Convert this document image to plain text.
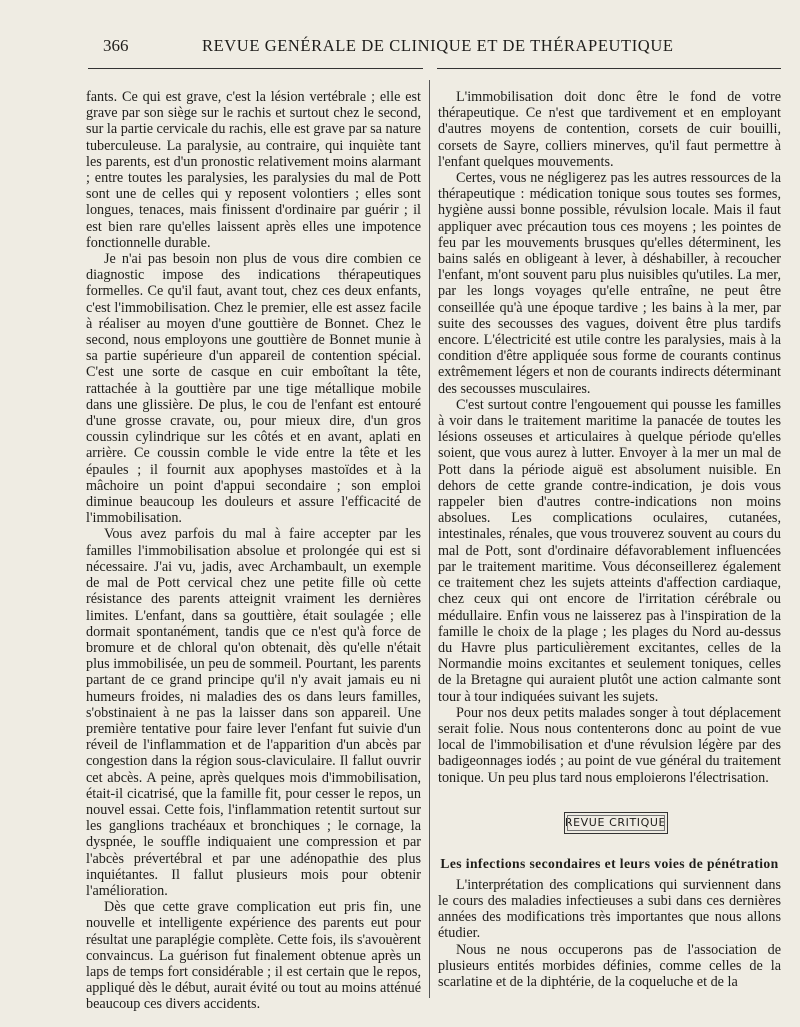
366	REVUE GENÉRALE DE CLINIQUE ET DE THÉRAPEUTIQUE

fants. Ce qui est grave, c'est la lésion vertébrale ; elle est grave par son siège sur le rachis et surtout chez le second, sur la partie cervicale du rachis, elle est grave par sa nature tuberculeuse. La paralysie, au contraire, qui inquiète tant les parents, est d'un pronostic relativement moins alarmant ; entre toutes les paralysies, les paralysies du mal de Pott sont une de celles qui y reposent volontiers ; elles sont longues, tenaces, mais finissent d'ordinaire par guérir ; il est bien rare qu'elles laissent après elles une impotence fonctionnelle durable.

Je n'ai pas besoin non plus de vous dire combien ce diagnostic impose des indications thérapeutiques formelles. Ce qu'il faut, avant tout, chez ces deux enfants, c'est l'immobilisation. Chez le premier, elle est assez facile à réaliser au moyen d'une gouttière de Bonnet. Chez le second, nous employons une gouttière de Bonnet munie à sa partie supérieure d'un appareil de contention spécial. C'est une sorte de casque en cuir emboîtant la tête, rattachée à la gouttière par une tige métallique mobile dans une glissière. De plus, le cou de l'enfant est entouré d'une grosse cravate, ou, pour mieux dire, d'un gros coussin cylindrique sur les côtés et en avant, aplati en arrière. Ce coussin comble le vide entre la tête et les épaules ; il fournit aux apophyses mastoïdes et à la mâchoire un point d'appui secondaire ; son emploi diminue beaucoup les douleurs et assure l'efficacité de l'immobilisation.

Vous avez parfois du mal à faire accepter par les familles l'immobilisation absolue et prolongée qui est si nécessaire. J'ai vu, jadis, avec Archambault, un exemple de mal de Pott cervical chez une petite fille où cette résistance des parents atteignit vraiment les dernières limites. L'enfant, dans sa gouttière, était soulagée ; elle dormait spontanément, tandis que ce n'est qu'à force de bromure et de chloral qu'on obtenait, dès qu'elle n'était plus immobilisée, un peu de sommeil. Pourtant, les parents partant de ce grand principe qu'il n'y avait jamais eu ni humeurs froides, ni maladies des os dans leurs familles, s'obstinaient à ne pas la laisser dans son appareil. Une première tentative pour faire lever l'enfant fut suivie d'un réveil de l'inflammation et de l'apparition d'un abcès par congestion dans la région sous-claviculaire. Il fallut ouvrir cet abcès. A peine, après quelques mois d'immobilisation, était-il cicatrisé, que la famille fit, pour cesser le repos, un nouvel essai. Cette fois, l'inflammation retentit surtout sur les ganglions trachéaux et bronchiques ; le cornage, la dyspnée, le souffle indiquaient une compression et par l'abcès prévertébral et par une adénopathie des plus inquiétantes. Il fallut plusieurs mois pour obtenir l'amélioration.

Dès que cette grave complication eut pris fin, une nouvelle et intelligente expérience des parents eut pour résultat une paraplégie complète. Cette fois, ils s'avouèrent convaincus. La guérison fut finalement obtenue après un laps de temps fort considérable ; il est certain que le repos, appliqué dès le début, aurait évité ou tout au moins atténué beaucoup ces divers accidents.

L'immobilisation doit donc être le fond de votre thérapeutique. Ce n'est que tardivement et en employant d'autres moyens de contention, corsets de cuir bouilli, corsets de Sayre, colliers minerves, qu'il faut permettre à l'enfant quelques mouvements.

Certes, vous ne négligerez pas les autres ressources de la thérapeutique : médication tonique sous toutes ses formes, hygiène aussi bonne possible, révulsion locale. Mais il faut appliquer avec précaution tous ces moyens ; les pointes de feu par les mouvements brusques qu'elles déterminent, les bains salés en obligeant à lever, à déshabiller, à recoucher l'enfant, m'ont souvent paru plus nuisibles qu'utiles. La mer, par les longs voyages qu'elle entraîne, ne peut être conseillée qu'à une époque tardive ; les bains à la mer, par suite des secousses des vagues, doivent être plus tardifs encore. L'électricité est utile contre les paralysies, mais à la condition d'être appliquée sous forme de courants continus extrêmement légers et non de courants indirects déterminant des secousses musculaires.

C'est surtout contre l'engouement qui pousse les familles à voir dans le traitement maritime la panacée de toutes les lésions osseuses et articulaires à quelque période qu'elles soient, que vous aurez à lutter. Envoyer à la mer un mal de Pott dans la période aiguë est absolument nuisible. En dehors de cette grande contre-indication, je dois vous rappeler bien d'autres contre-indications non moins absolues. Les complications oculaires, cutanées, intestinales, rénales, que vous trouverez souvent au cours du mal de Pott, sont d'ordinaire défavorablement influencées par le traitement maritime. Vous déconseillerez également ce traitement chez les sujets atteints d'affection cardiaque, chez ceux qui ont encore de l'irritation cérébrale ou médullaire. Enfin vous ne laisserez pas à l'inspiration de la famille le choix de la plage ; les plages du Nord au-dessus du Havre plus particulièrement excitantes, celles de la Normandie moins excitantes et seulement toniques, celles de la Bretagne qui auraient plutôt une action calmante sont tour à tour indiquées suivant les sujets.

Pour nos deux petits malades songer à tout déplacement serait folie. Nous nous contenterons donc au point de vue local de l'immobilisation et d'une révulsion légère par des badigeonnages iodés ; au point de vue général du traitement tonique. Un peu plus tard nous emploierons l'électrisation.

REVUE CRITIQUE
Les infections secondaires et leurs voies de pénétration

L'interprétation des complications qui surviennent dans le cours des maladies infectieuses a subi dans ces dernières années des modifications très importantes que nous allons étudier.

Nous ne nous occuperons pas de l'association de plusieurs entités morbides définies, comme celles de la scarlatine et de la diphtérie, de la coqueluche et de la
